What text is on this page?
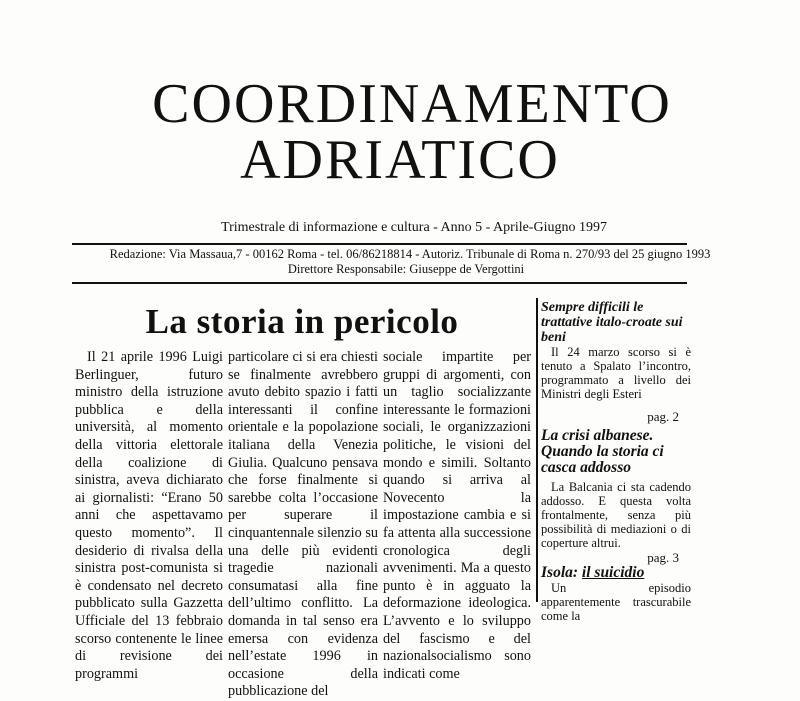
COORDINAMENTO
ADRIATICO
Trimestrale di informazione e cultura - Anno 5 - Aprile-Giugno 1997
Redazione: Via Massaua,7 - 00162 Roma - tel. 06/86218814 - Autoriz. Tribunale di Roma n. 270/93 del 25 giugno 1993
Direttore Responsabile: Giuseppe de Vergottini
La storia in pericolo

Il 21 aprile 1996 Luigi Berlinguer, futuro ministro della istruzione pubblica e della università, al momento della vittoria elettorale della coalizione di sinistra, aveva dichiarato ai giornalisti: “Erano 50 anni che aspettavamo questo momento”. Il desiderio di rivalsa della sinistra post-comunista si è condensato nel decreto pubblicato sulla Gazzetta Ufficiale del 13 febbraio scorso contenente le linee di revisione dei programmi

particolare ci si era chiesti se finalmente avrebbero avuto debito spazio i fatti interessanti il confine orientale e la popolazione italiana della Venezia Giulia. Qualcuno pensava che forse finalmente si sarebbe colta l’occasione per superare il cinquantennale silenzio su una delle più evidenti tragedie nazionali consumatasi alla fine dell’ultimo conflitto. La domanda in tal senso era emersa con evidenza nell’estate 1996 in occasione della pubblicazione del
sociale impartite per gruppi di argomenti, con un taglio socializzante interessante le formazioni sociali, le organizzazioni politiche, le visioni del mondo e simili. Soltanto quando si arriva al Novecento la impostazione cambia e si fa attenta alla successione cronologica degli avvenimenti. Ma a questo punto è in agguato la deformazione ideologica. L’avvento e lo sviluppo del fascismo e del nazionalsocialismo sono indicati come
Sempre difficili le trattative italo-croate sui beni

Il 24 marzo scorso si è tenuto a Spalato l’incontro, programmato a livello dei Ministri degli Esteri

pag. 2
La crisi albanese. Quando la storia ci casca addosso

La Balcania ci sta cadendo addosso. E questa volta frontalmente, senza più possibilità di mediazioni o di coperture altrui.

pag. 3
Isola: il suicidio

Un episodio apparentemente trascurabile come la
